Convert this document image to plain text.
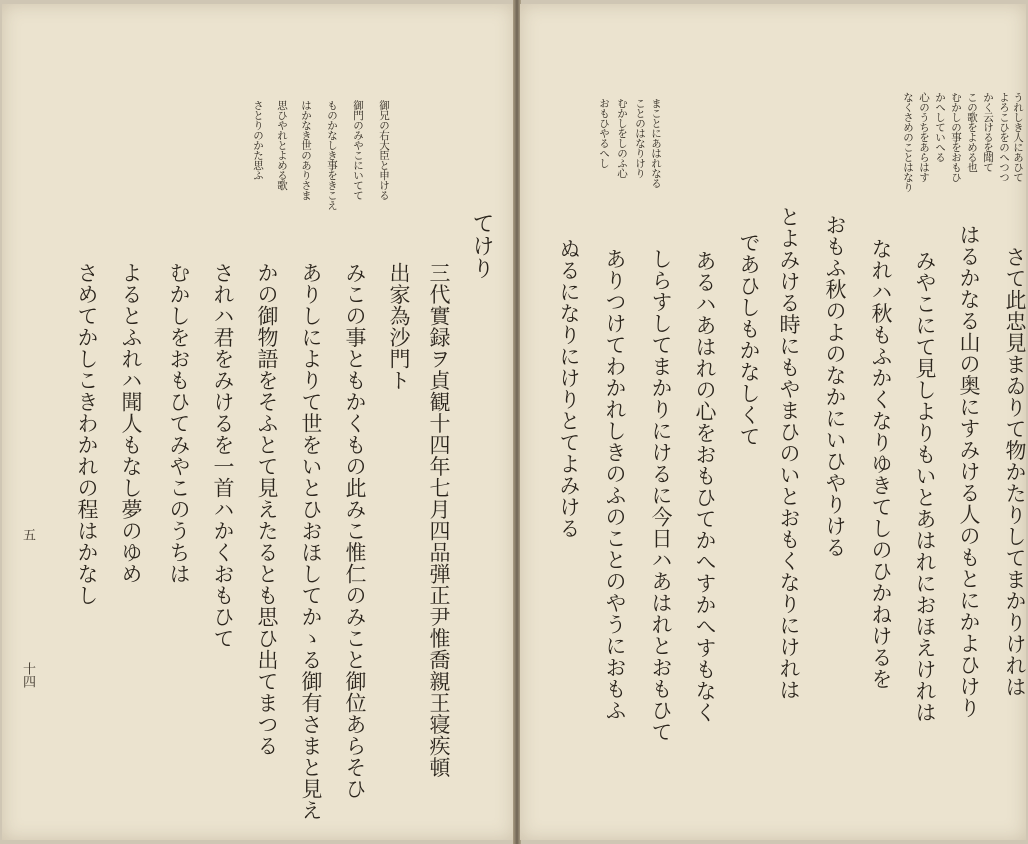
てけり
御兄の右大臣と申ける
御門のみやこにいてて
ものかなしき事をきこえ
はかなき世のありさま
思ひやれとよめる歌
さとりのかた思ふ
三代實録ヲ貞観十四年七月四品弾正尹惟喬親王寝疾頓
出家為沙門ト
みこの事ともかくもの此みこ惟仁のみこと御位あらそひ
ありしによりて世をいとひおほしてかゝる御有さまと見え
かの御物語をそふとて見えたるとも思ひ出てまつる
されハ君をみけるを一首ハかくおもひて
むかしをおもひてみやこのうちは
よるとふれハ聞人もなし夢のゆめ
さめてかしこきわかれの程はかなし
五
十四
うれしき人にあひて
よろこひをのへつつ
かく云けるを聞て
この歌をよめる也
むかしの事をおもひ
かへしていへる
心のうちをあらはす
なくさめのことはなり
まことにあはれなる
ことのはなりけり
むかしをしのふ心
おもひやるへし
さて此忠見まゐりて物かたりしてまかりけれは
はるかなる山の奥にすみける人のもとにかよひけり
みやこにて見しよりもいとあはれにおほえけれは
なれハ秋もふかくなりゆきてしのひかねけるを
おもふ秋のよのなかにいひやりける
とよみける時にもやまひのいとおもくなりにけれは
であひしもかなしくて
あるハあはれの心をおもひてかへすかへすもなく
しらすしてまかりにけるに今日ハあはれとおもひて
ありつけてわかれしきのふのことのやうにおもふ
ぬるになりにけりとてよみける
